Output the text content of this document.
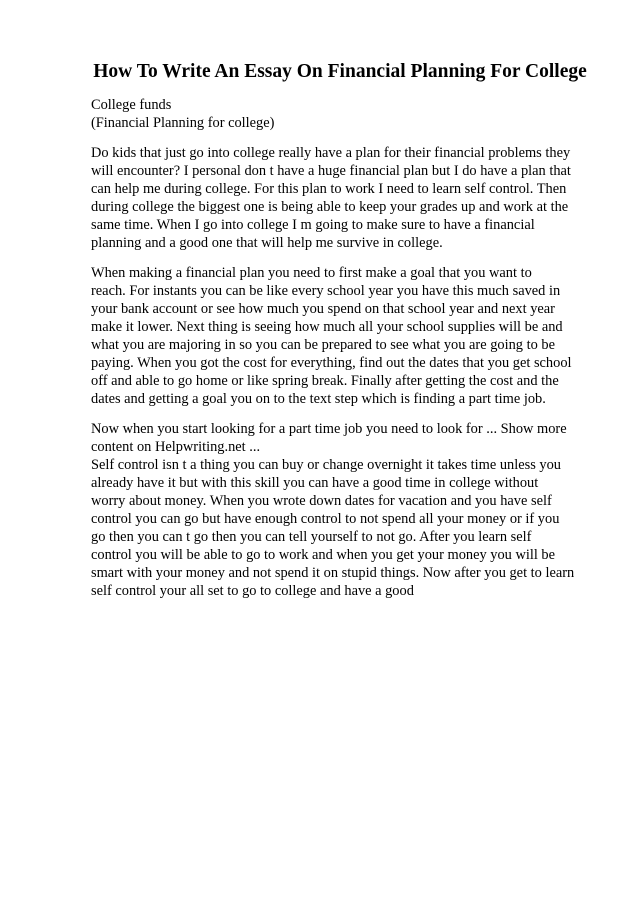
How To Write An Essay On Financial Planning For College
College funds
(Financial Planning for college)
Do kids that just go into college really have a plan for their financial problems they
will encounter? I personal don t have a huge financial plan but I do have a plan that
can help me during college. For this plan to work I need to learn self control. Then
during college the biggest one is being able to keep your grades up and work at the
same time. When I go into college I m going to make sure to have a financial
planning and a good one that will help me survive in college.
When making a financial plan you need to first make a goal that you want to
reach. For instants you can be like every school year you have this much saved in
your bank account or see how much you spend on that school year and next year
make it lower. Next thing is seeing how much all your school supplies will be and
what you are majoring in so you can be prepared to see what you are going to be
paying. When you got the cost for everything, find out the dates that you get school
off and able to go home or like spring break. Finally after getting the cost and the
dates and getting a goal you on to the text step which is finding a part time job.
Now when you start looking for a part time job you need to look for ... Show more
content on Helpwriting.net ...
Self control isn t a thing you can buy or change overnight it takes time unless you
already have it but with this skill you can have a good time in college without
worry about money. When you wrote down dates for vacation and you have self
control you can go but have enough control to not spend all your money or if you
go then you can t go then you can tell yourself to not go. After you learn self
control you will be able to go to work and when you get your money you will be
smart with your money and not spend it on stupid things. Now after you get to learn
self control your all set to go to college and have a good
